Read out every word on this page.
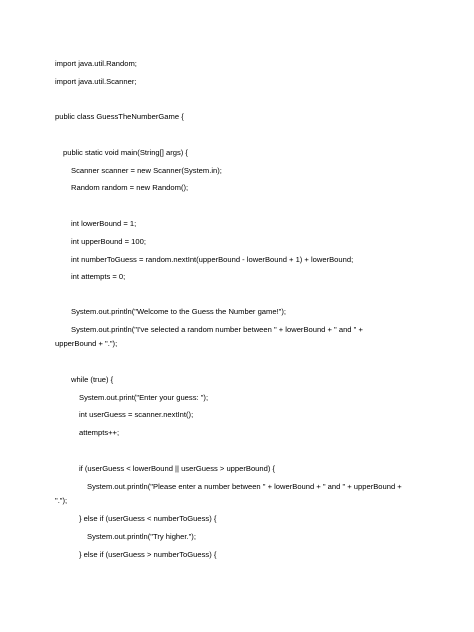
import java.util.Random;
import java.util.Scanner;
public class GuessTheNumberGame {
public static void main(String[] args) {
Scanner scanner = new Scanner(System.in);
Random random = new Random();
int lowerBound = 1;
int upperBound = 100;
int numberToGuess = random.nextInt(upperBound - lowerBound + 1) + lowerBound;
int attempts = 0;
System.out.println("Welcome to the Guess the Number game!");
System.out.println("I've selected a random number between " + lowerBound + " and " +
upperBound + ".");
while (true) {
System.out.print("Enter your guess: ");
int userGuess = scanner.nextInt();
attempts++;
if (userGuess < lowerBound || userGuess > upperBound) {
System.out.println("Please enter a number between " + lowerBound + " and " + upperBound +
".");
} else if (userGuess < numberToGuess) {
System.out.println("Try higher.");
} else if (userGuess > numberToGuess) {
